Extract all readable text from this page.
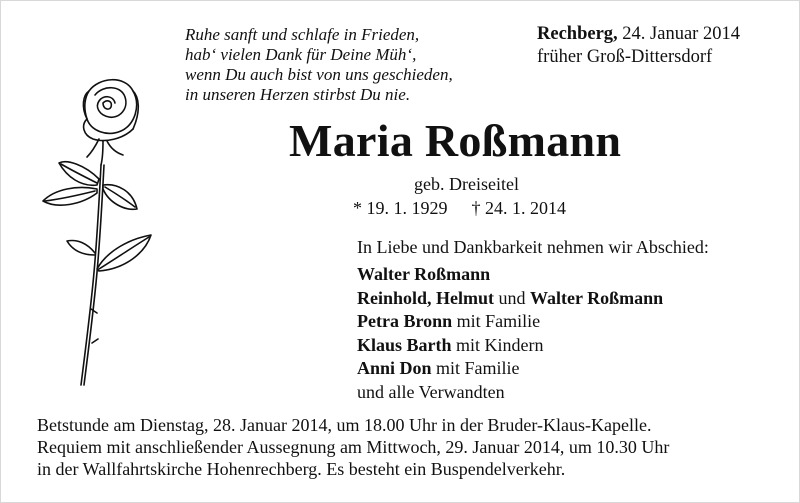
Ruhe sanft und schlafe in Frieden,
hab‘ vielen Dank für Deine Müh‘,
wenn Du auch bist von uns geschieden,
in unseren Herzen stirbst Du nie.
Rechberg, 24. Januar 2014
früher Groß-Dittersdorf
Maria Roßmann
geb. Dreiseitel
* 19. 1. 1929 † 24. 1. 2014
In Liebe und Dankbarkeit nehmen wir Abschied:
Walter Roßmann
Reinhold, Helmut und Walter Roßmann
Petra Bronn mit Familie
Klaus Barth mit Kindern
Anni Don mit Familie
und alle Verwandten
Betstunde am Dienstag, 28. Januar 2014, um 18.00 Uhr in der Bruder-Klaus-Kapelle.
Requiem mit anschließender Aussegnung am Mittwoch, 29. Januar 2014, um 10.30 Uhr
in der Wallfahrtskirche Hohenrechberg. Es besteht ein Buspendelverkehr.
